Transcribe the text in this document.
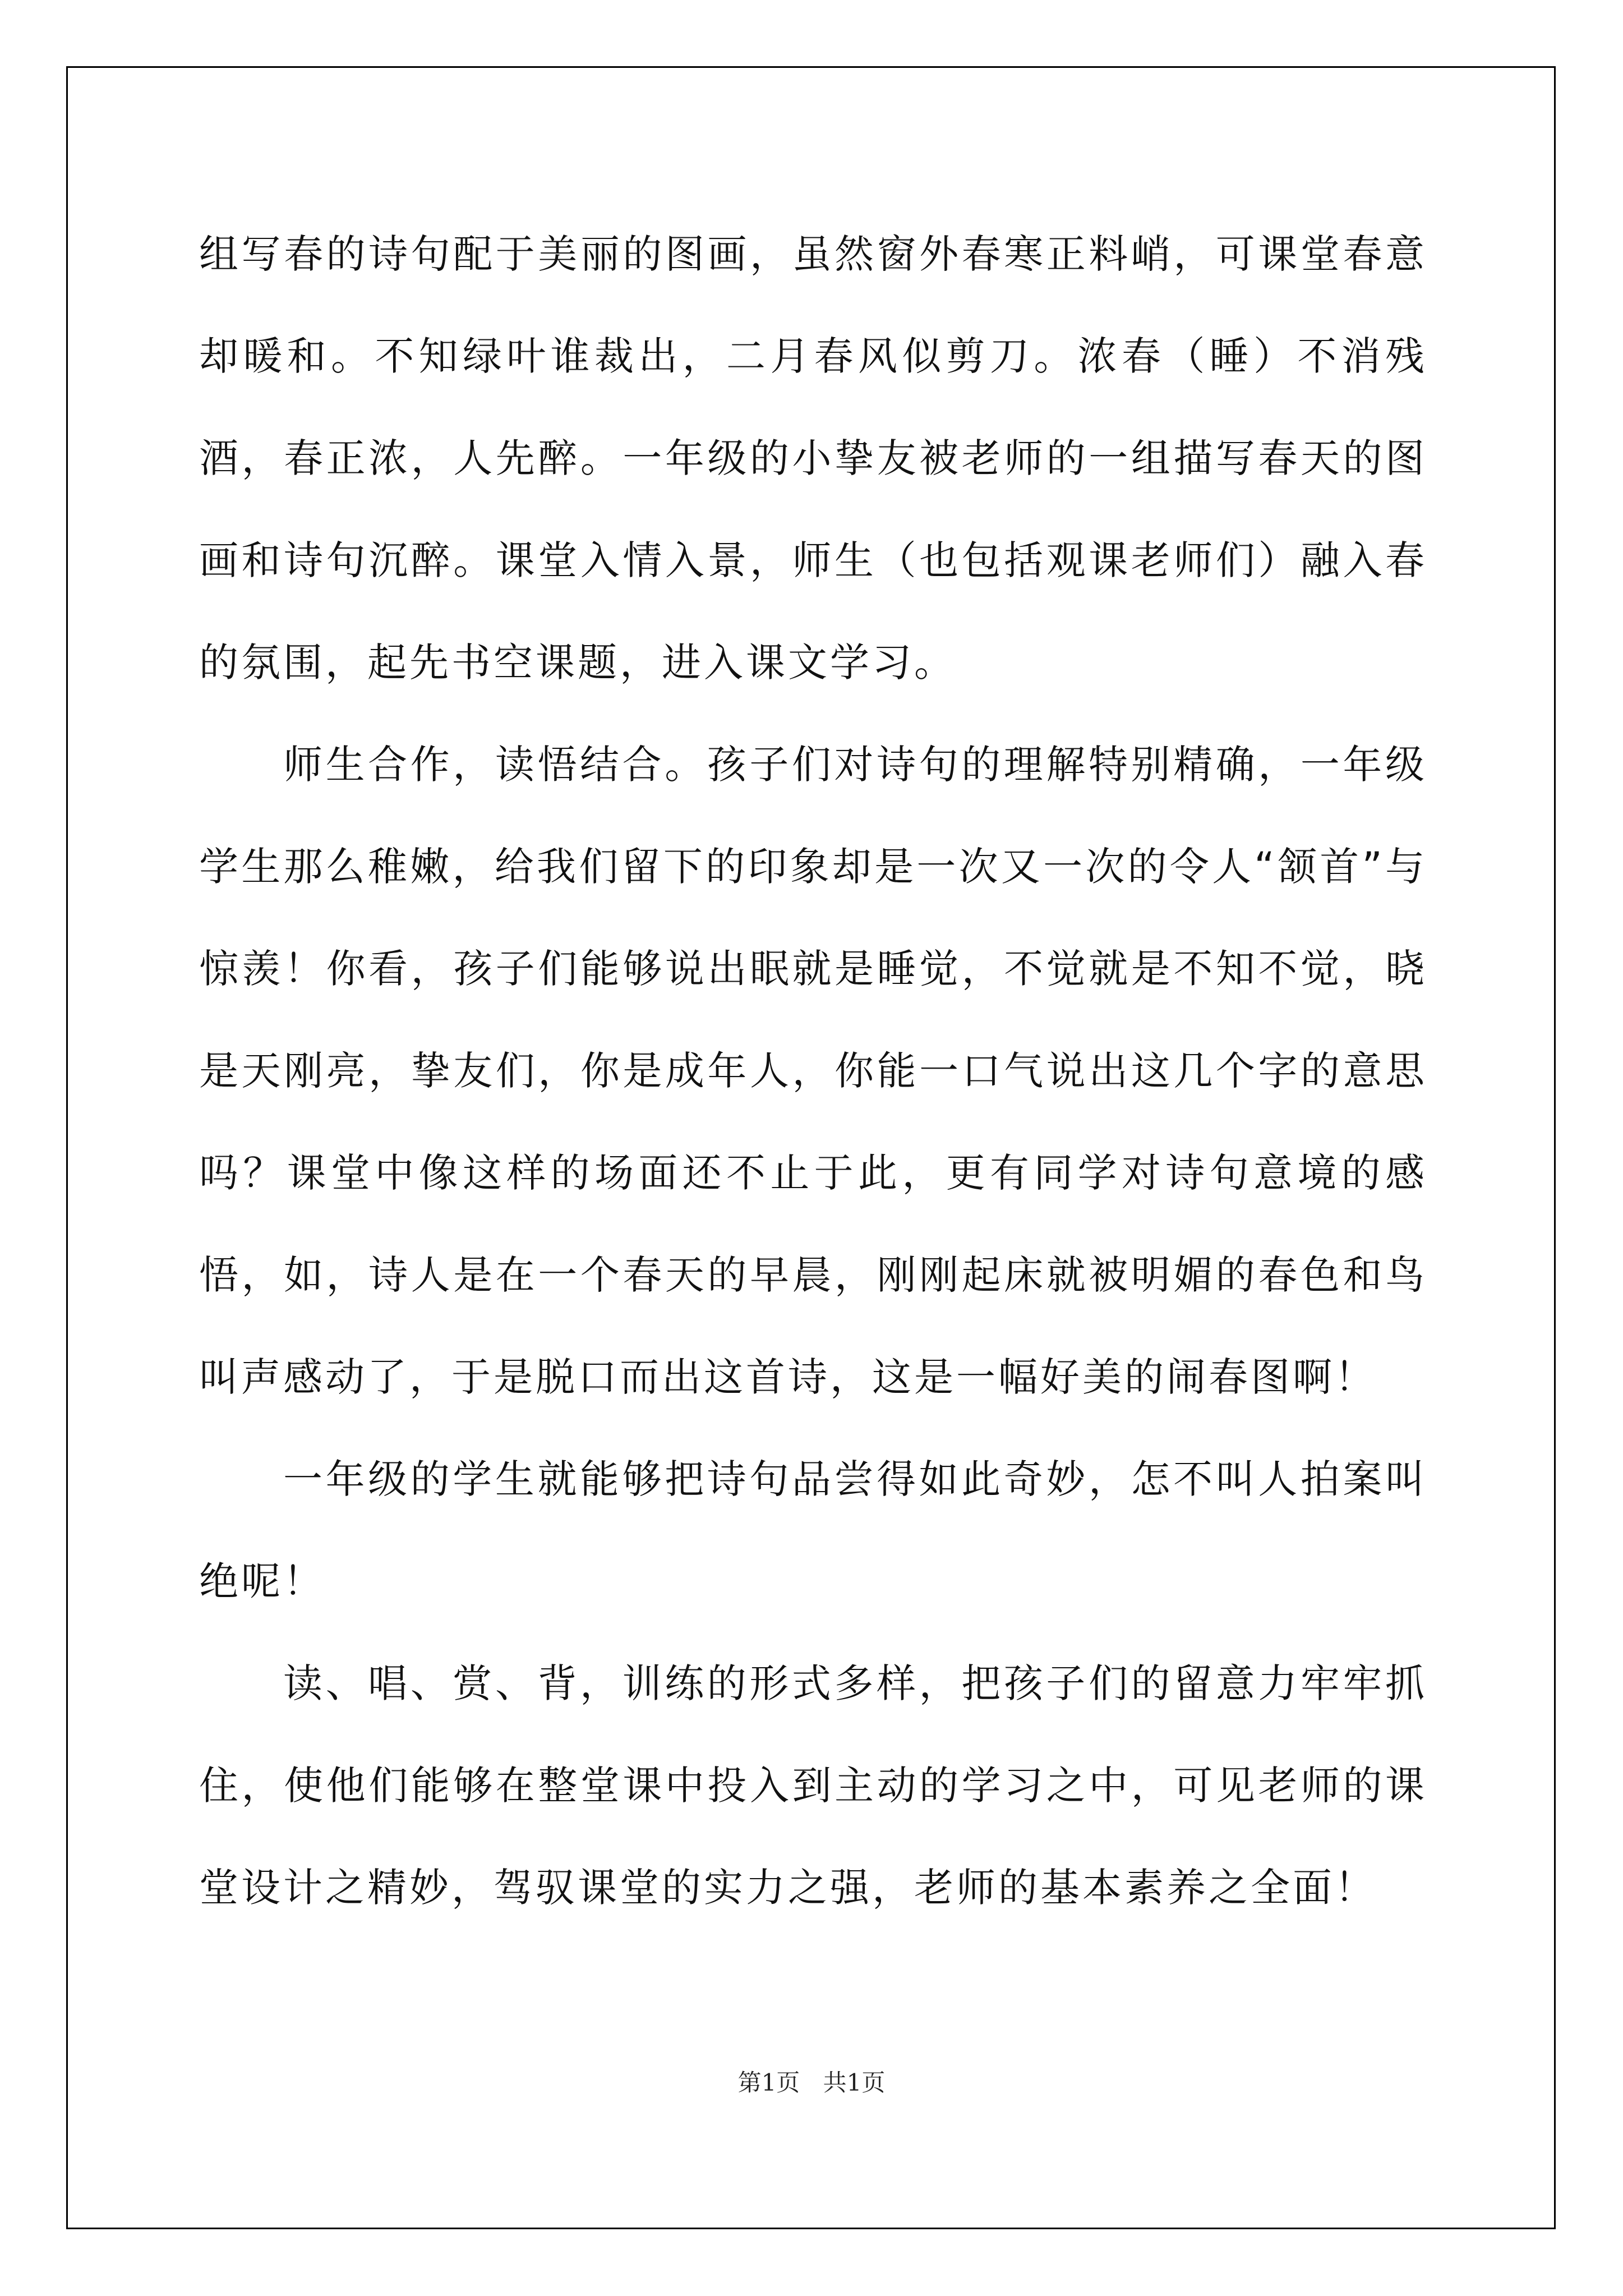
组写春的诗句配于美丽的图画，虽然窗外春寒正料峭，可课堂春意却暖和。不知绿叶谁裁出，二月春风似剪刀。浓春（睡）不消残酒，春正浓，人先醉。一年级的小挚友被老师的一组描写春天的图画和诗句沉醉。课堂入情入景，师生（也包括观课老师们）融入春的氛围，起先书空课题，进入课文学习。

师生合作，读悟结合。孩子们对诗句的理解特别精确，一年级学生那么稚嫩，给我们留下的印象却是一次又一次的令人“颔首”与惊羡！你看，孩子们能够说出眠就是睡觉，不觉就是不知不觉，晓是天刚亮，挚友们，你是成年人，你能一口气说出这几个字的意思吗？课堂中像这样的场面还不止于此，更有同学对诗句意境的感悟，如，诗人是在一个春天的早晨，刚刚起床就被明媚的春色和鸟叫声感动了，于是脱口而出这首诗，这是一幅好美的闹春图啊！

一年级的学生就能够把诗句品尝得如此奇妙，怎不叫人拍案叫绝呢！

读、唱、赏、背，训练的形式多样，把孩子们的留意力牢牢抓住，使他们能够在整堂课中投入到主动的学习之中，可见老师的课堂设计之精妙，驾驭课堂的实力之强，老师的基本素养之全面！

第1页 共1页
